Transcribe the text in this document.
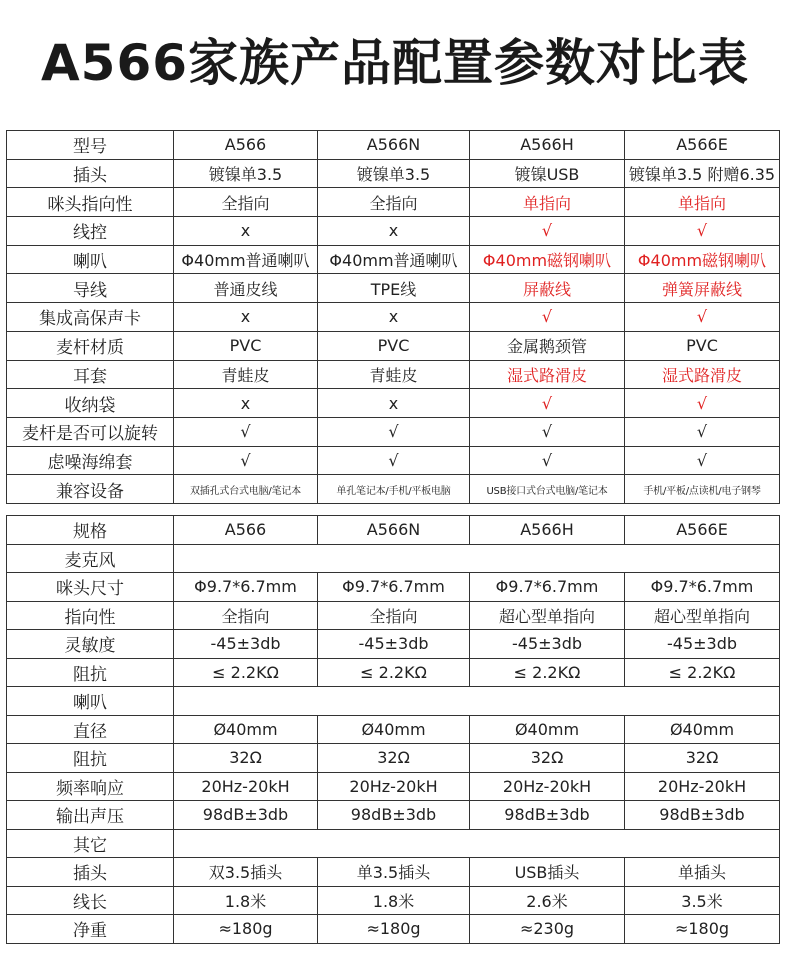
A566家族产品配置参数对比表
型号	A566	A566N	A566H	A566E
插头	镀镍单3.5	镀镍单3.5	镀镍USB	镀镍单3.5 附赠6.35
咪头指向性	全指向	全指向	单指向	单指向
线控	x	x	√	√
喇叭	Φ40mm普通喇叭	Φ40mm普通喇叭	Φ40mm磁钢喇叭	Φ40mm磁钢喇叭
导线	普通皮线	TPE线	屏蔽线	弹簧屏蔽线
集成高保声卡	x	x	√	√
麦杆材质	PVC	PVC	金属鹅颈管	PVC
耳套	青蛙皮	青蛙皮	湿式路滑皮	湿式路滑皮
收纳袋	x	x	√	√
麦杆是否可以旋转	√	√	√	√
虑噪海绵套	√	√	√	√
兼容设备	双插孔式台式电脑/笔记本	单孔笔记本/手机/平板电脑	USB接口式台式电脑/笔记本	手机/平板/点读机/电子钢琴
规格	A566	A566N	A566H	A566E
麦克风				
咪头尺寸	Φ9.7*6.7mm	Φ9.7*6.7mm	Φ9.7*6.7mm	Φ9.7*6.7mm
指向性	全指向	全指向	超心型单指向	超心型单指向
灵敏度	-45±3db	-45±3db	-45±3db	-45±3db
阻抗	≤ 2.2KΩ	≤ 2.2KΩ	≤ 2.2KΩ	≤ 2.2KΩ
喇叭				
直径	Ø40mm	Ø40mm	Ø40mm	Ø40mm
阻抗	32Ω	32Ω	32Ω	32Ω
频率响应	20Hz-20kH	20Hz-20kH	20Hz-20kH	20Hz-20kH
输出声压	98dB±3db	98dB±3db	98dB±3db	98dB±3db
其它				
插头	双3.5插头	单3.5插头	USB插头	单插头
线长	1.8米	1.8米	2.6米	3.5米
净重	≈180g	≈180g	≈230g	≈180g
